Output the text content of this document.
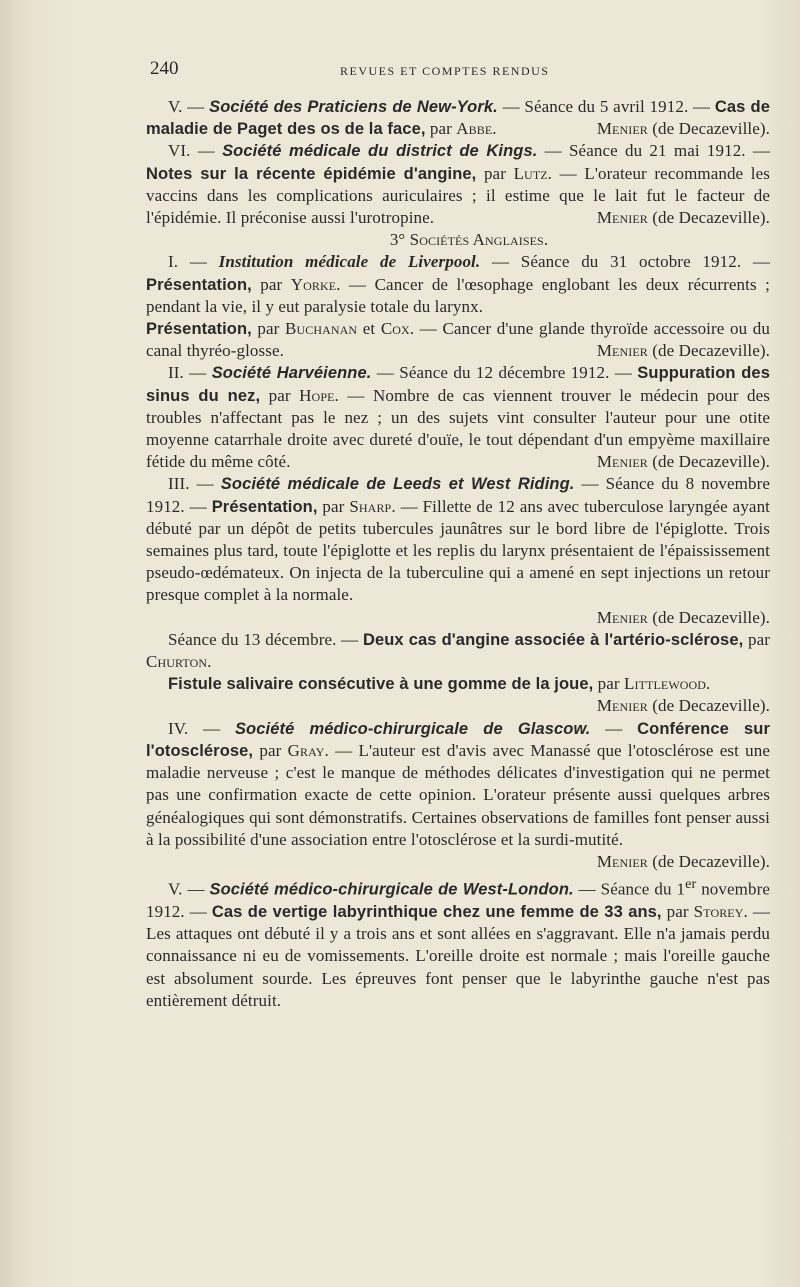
240	REVUES ET COMPTES RENDUS

V. — Société des Praticiens de New-York. — Séance du 5 avril 1912. — Cas de maladie de Paget des os de la face, par Abbe.	Menier (de Decazeville).

VI. — Société médicale du district de Kings. — Séance du 21 mai 1912. — Notes sur la récente épidémie d'angine, par Lutz. — L'orateur recommande les vaccins dans les complications auriculaires ; il estime que le lait fut le facteur de l'épidémie. Il préconise aussi l'urotropine.	Menier (de Decazeville).

3° Sociétés Anglaises.

I. — Institution médicale de Liverpool. — Séance du 31 octobre 1912. — Présentation, par Yorke. — Cancer de l'œsophage englobant les deux récurrents ; pendant la vie, il y eut paralysie totale du larynx.

Présentation, par Buchanan et Cox. — Cancer d'une glande thyroïde accessoire ou du canal thyréo-glosse.	Menier (de Decazeville).

II. — Société Harvéienne. — Séance du 12 décembre 1912. — Suppuration des sinus du nez, par Hope. — Nombre de cas viennent trouver le médecin pour des troubles n'affectant pas le nez ; un des sujets vint consulter l'auteur pour une otite moyenne catarrhale droite avec dureté d'ouïe, le tout dépendant d'un empyème maxillaire fétide du même côté.	Menier (de Decazeville).

III. — Société médicale de Leeds et West Riding. — Séance du 8 novembre 1912. — Présentation, par Sharp. — Fillette de 12 ans avec tuberculose laryngée ayant débuté par un dépôt de petits tubercules jaunâtres sur le bord libre de l'épiglotte. Trois semaines plus tard, toute l'épiglotte et les replis du larynx présentaient de l'épaississement pseudo-œdémateux. On injecta de la tuberculine qui a amené en sept injections un retour presque complet à la normale.

Menier (de Decazeville).

Séance du 13 décembre. — Deux cas d'angine associée à l'artério-sclérose, par Churton.

Fistule salivaire consécutive à une gomme de la joue, par Littlewood.
Menier (de Decazeville).

IV. — Société médico-chirurgicale de Glascow. — Conférence sur l'otosclérose, par Gray. — L'auteur est d'avis avec Manassé que l'otosclérose est une maladie nerveuse ; c'est le manque de méthodes délicates d'investigation qui ne permet pas une confirmation exacte de cette opinion. L'orateur présente aussi quelques arbres généalogiques qui sont démonstratifs. Certaines observations de familles font penser aussi à la possibilité d'une association entre l'otosclérose et la surdi-mutité.
Menier (de Decazeville).

V. — Société médico-chirurgicale de West-London. — Séance du 1er novembre 1912. — Cas de vertige labyrinthique chez une femme de 33 ans, par Storey. — Les attaques ont débuté il y a trois ans et sont allées en s'aggravant. Elle n'a jamais perdu connaissance ni eu de vomissements. L'oreille droite est normale ; mais l'oreille gauche est absolument sourde. Les épreuves font penser que le labyrinthe gauche n'est pas entièrement détruit.
